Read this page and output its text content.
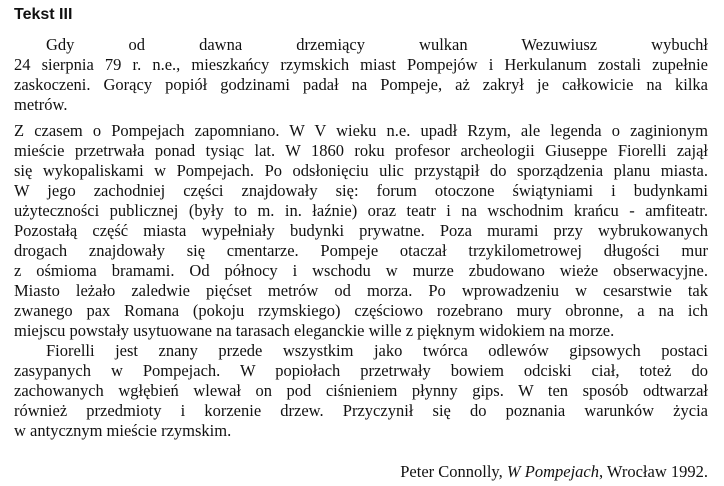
Tekst III
Gdy od dawna drzemiący wulkan Wezuwiusz wybuchł
24 sierpnia 79 r. n.e., mieszkańcy rzymskich miast Pompejów i Herkulanum zostali zupełnie
zaskoczeni. Gorący popiół godzinami padał na Pompeje, aż zakrył je całkowicie na kilka
metrów.
Z czasem o Pompejach zapomniano. W V wieku n.e. upadł Rzym, ale legenda o zaginionym
mieście przetrwała ponad tysiąc lat. W 1860 roku profesor archeologii Giuseppe Fiorelli zajął
się wykopaliskami w Pompejach. Po odsłonięciu ulic przystąpił do sporządzenia planu miasta.
W jego zachodniej części znajdowały się: forum otoczone świątyniami i budynkami
użyteczności publicznej (były to m. in. łaźnie) oraz teatr i na wschodnim krańcu - amfiteatr.
Pozostałą część miasta wypełniały budynki prywatne. Poza murami przy wybrukowanych
drogach znajdowały się cmentarze. Pompeje otaczał trzykilometrowej długości mur
z ośmioma bramami. Od północy i wschodu w murze zbudowano wieże obserwacyjne.
Miasto leżało zaledwie pięćset metrów od morza. Po wprowadzeniu w cesarstwie tak
zwanego pax Romana (pokoju rzymskiego) częściowo rozebrano mury obronne, a na ich
miejscu powstały usytuowane na tarasach eleganckie wille z pięknym widokiem na morze.
Fiorelli jest znany przede wszystkim jako twórca odlewów gipsowych postaci
zasypanych w Pompejach. W popiołach przetrwały bowiem odciski ciał, toteż do
zachowanych wgłębień wlewał on pod ciśnieniem płynny gips. W ten sposób odtwarzał
również przedmioty i korzenie drzew. Przyczynił się do poznania warunków życia
w antycznym mieście rzymskim.
Peter Connolly, W Pompejach, Wrocław 1992.
